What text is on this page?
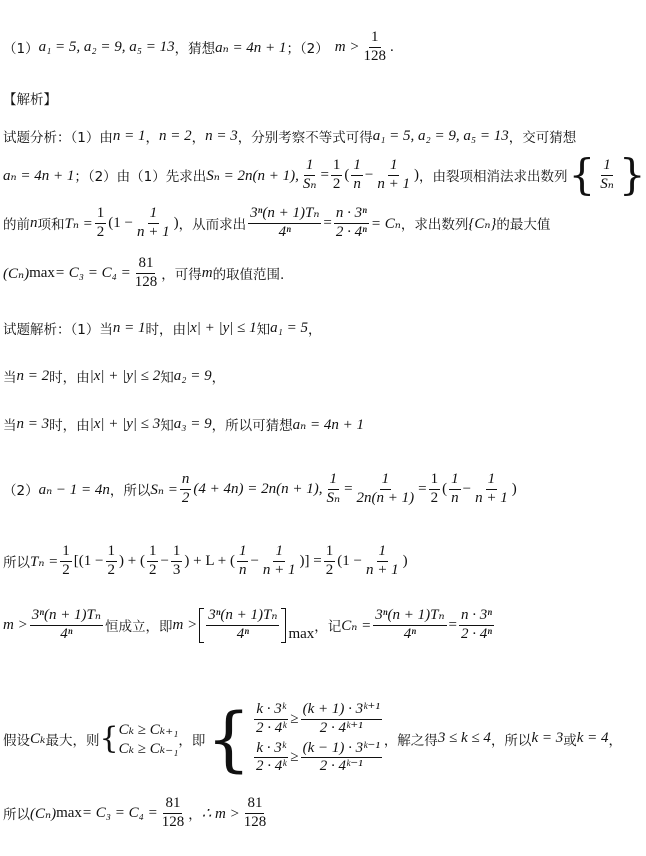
（1） a₁ = 5, a₂ = 9, a₅ = 13 ，猜想 aₙ = 4n + 1 ；（2） $m > \frac{1}{128}$ .
【解析】
试题分析：（1）由 n = 1 ， n = 2 ， n = 3 ，分别考察不等式可得 a₁ = 5, a₂ = 9, a₅ = 13 ，交可猜想
aₙ = 4n + 1 ；（2）由（1）先求出 Sₙ = 2n(n + 1), $\frac{1}{\text{Sₙ}} = \frac{1}{2}$ ( $\frac{1}{n} - \frac{1}{n + 1}$ ) ，由裂项相消法求出数列 { $\frac{1}{\text{Sₙ}}$ }
的前 n 项和 $T_n = \frac{1}{2} (1 - \frac{1}{n + 1}$ ) ，从而求出 $\frac{\text{3ⁿ(n + 1)Tₙ}}{\text{4ⁿ}} = \frac{\text{n · 3ⁿ}}{\text{2 · 4ⁿ}} = C_n$ ，求出数列 {Cₙ} 的最大值
(Cₙ) $\max = C_3 = C_4 = \frac{81}{128}$ ，可得 m 的取值范围.
试题解析：（1）当 n = 1 时，由 |x| + |y| ≤ 1 知 a₁ = 5 ，
当 n = 2 时，由 |x| + |y| ≤ 2 知 a₂ = 9 ，
当 n = 3 时，由 |x| + |y| ≤ 3 知 a₃ = 9 ，所以可猜想 aₙ = 4n + 1
（2） aₙ − 1 = 4n ，所以 $S_n = \frac{n}{2} (4 + 4n) = 2n(n + 1)$, $\frac{1}{\text{Sₙ}} = \frac{1}{2n(n + 1)} = \frac{1}{2}$ ( $\frac{1}{n} - \frac{1}{n + 1}$ )
所以 $T_n = \frac{1}{2} [(1 - \frac{1}{2}$ ) + ( $\frac{1}{2} - \frac{1}{3}$ ) + L + ( $\frac{1}{n} - \frac{1}{n + 1}$ )] = $\frac{1}{2} (1 - \frac{1}{n + 1}$ )
$m > \frac{\text{3ⁿ(n + 1)Tₙ}}{\text{4ⁿ}}$ 恒成立，即 $m > \frac{\text{3ⁿ(n + 1)Tₙ}}{\text{4ⁿ}}$ max ，记 $C_n = \frac{\text{3ⁿ(n + 1)Tₙ}}{\text{4ⁿ}} = \frac{\text{n · 3ⁿ}}{\text{2 · 4ⁿ}}$
假设 Cₖ 最大，则 { Cₖ ≥ Cₖ₊₁
Cₖ ≥ Cₖ₋₁ ，即 { $\frac{\text{k · 3ᵏ}}{\text{2 · 4ᵏ}} \ge \frac{\text{(k + 1) · 3ᵏ⁺¹}}{\text{2 · 4ᵏ⁺¹}}$
$\frac{\text{k · 3ᵏ}}{\text{2 · 4ᵏ}} \ge \frac{\text{(k − 1) · 3ᵏ⁻¹}}{\text{2 · 4ᵏ⁻¹}}$ ，解之得 3 ≤ k ≤ 4 ，所以 k = 3 或 k = 4 ，
所以 (Cₙ) $\max = C_3 = C_4 = \frac{81}{128}$ ， ∴ $m > \frac{81}{128}$
